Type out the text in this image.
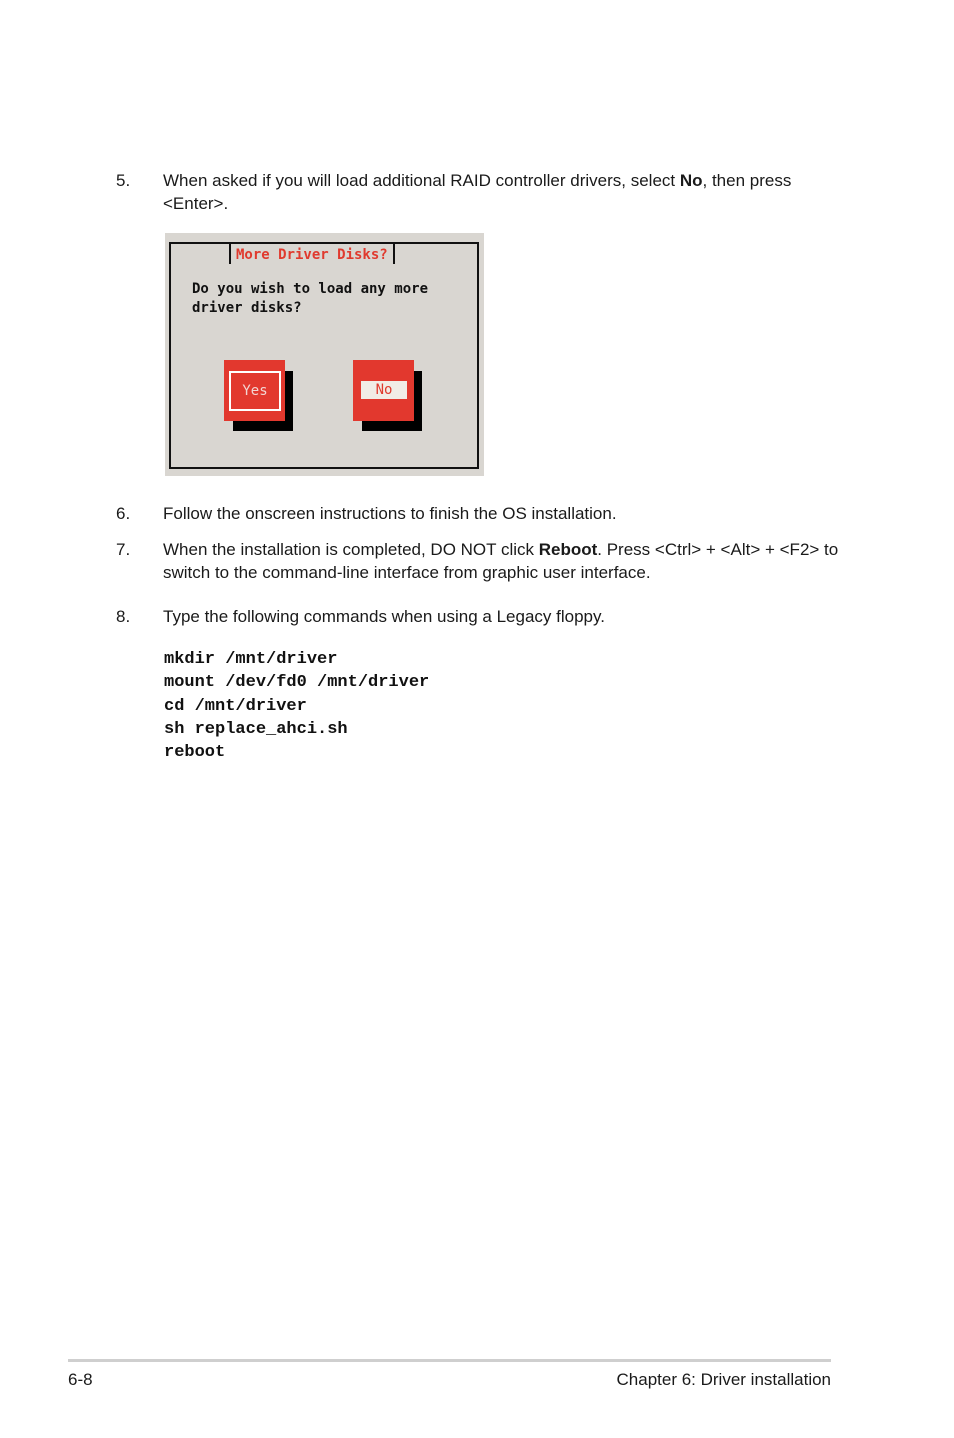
5. When asked if you will load additional RAID controller drivers, select No, then press <Enter>.
More Driver Disks?
Do you wish to load any more
driver disks?
Yes	No
6. Follow the onscreen instructions to finish the OS installation.
7. When the installation is completed, DO NOT click Reboot. Press <Ctrl> + <Alt> + <F2> to switch to the command-line interface from graphic user interface.
8. Type the following commands when using a Legacy floppy.
mkdir /mnt/driver
mount /dev/fd0 /mnt/driver
cd /mnt/driver
sh replace_ahci.sh
reboot
6-8	Chapter 6: Driver installation
